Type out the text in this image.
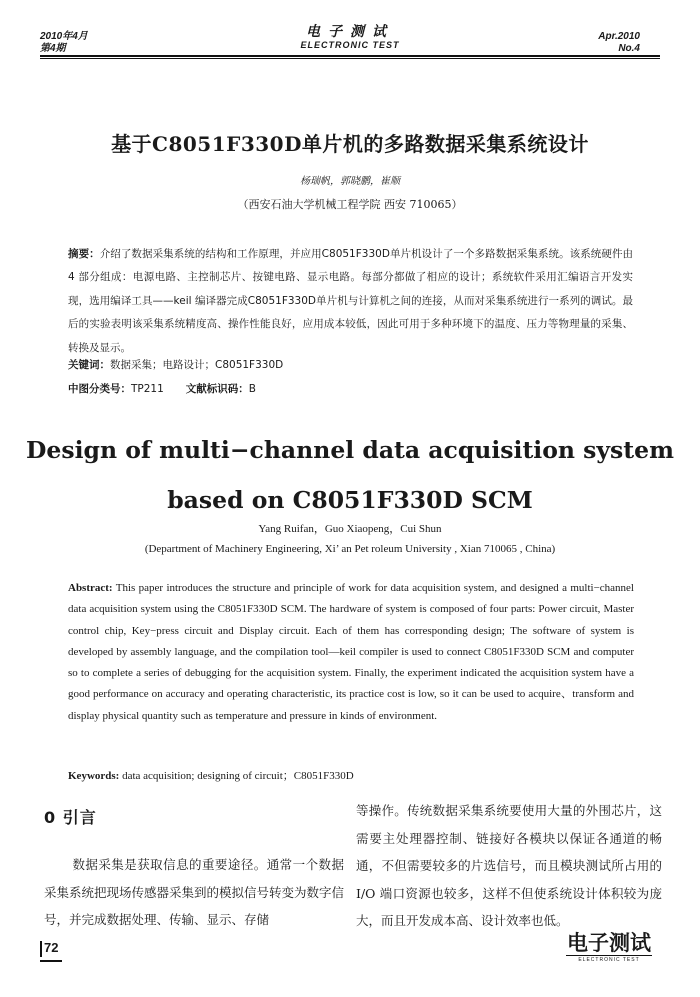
2010年4月
第4期
电子测试
ELECTRONIC TEST
Apr.2010
No.4
基于C8051F330D单片机的多路数据采集系统设计
杨瑞帆，郭晓鹏，崔顺
（西安石油大学机械工程学院 西安 710065）
摘要：介绍了数据采集系统的结构和工作原理，并应用C8051F330D单片机设计了一个多路数据采集系统。该系统硬件由4 部分组成：电源电路、主控制芯片、按键电路、显示电路。每部分都做了相应的设计；系统软件采用汇编语言开发实现，选用编译工具——keil 编译器完成C8051F330D单片机与计算机之间的连接，从而对采集系统进行一系列的调试。最后的实验表明该采集系统精度高、操作性能良好，应用成本较低，因此可用于多种环境下的温度、压力等物理量的采集、转换及显示。
关键词：数据采集；电路设计；C8051F330D
中图分类号：TP211 文献标识码：B
Design of multi−channel data acquisition system
based on C8051F330D SCM
Yang Ruifan，Guo Xiaopeng，Cui Shun
(Department of Machinery Engineering, Xi’ an Pet roleum University , Xian 710065 , China)
Abstract: This paper introduces the structure and principle of work for data acquisition system, and designed a multi−channel data acquisition system using the C8051F330D SCM. The hardware of system is composed of four parts: Power circuit, Master control chip, Key−press circuit and Display circuit. Each of them has corresponding design; The software of system is developed by assembly language, and the compilation tool—keil compiler is used to connect C8051F330D SCM and computer so to complete a series of debugging for the acquisition system. Finally, the experiment indicated the acquisition system have a good performance on accuracy and operating characteristic, its practice cost is low, so it can be used to acquire、transform and display physical quantity such as temperature and pressure in kinds of environment.
Keywords: data acquisition; designing of circuit；C8051F330D
0 引言
数据采集是获取信息的重要途径。通常一个数据采集系统把现场传感器采集到的模拟信号转变为数字信号，并完成数据处理、传输、显示、存储
等操作。传统数据采集系统要使用大量的外围芯片，这需要主处理器控制、链接好各模块以保证各通道的畅通，不但需要较多的片选信号，而且模块测试所占用的I/O 端口资源也较多，这样不但使系统设计体积较为庞大，而且开发成本高、设计效率也低。
72	电子测试
ELECTRONIC TEST
